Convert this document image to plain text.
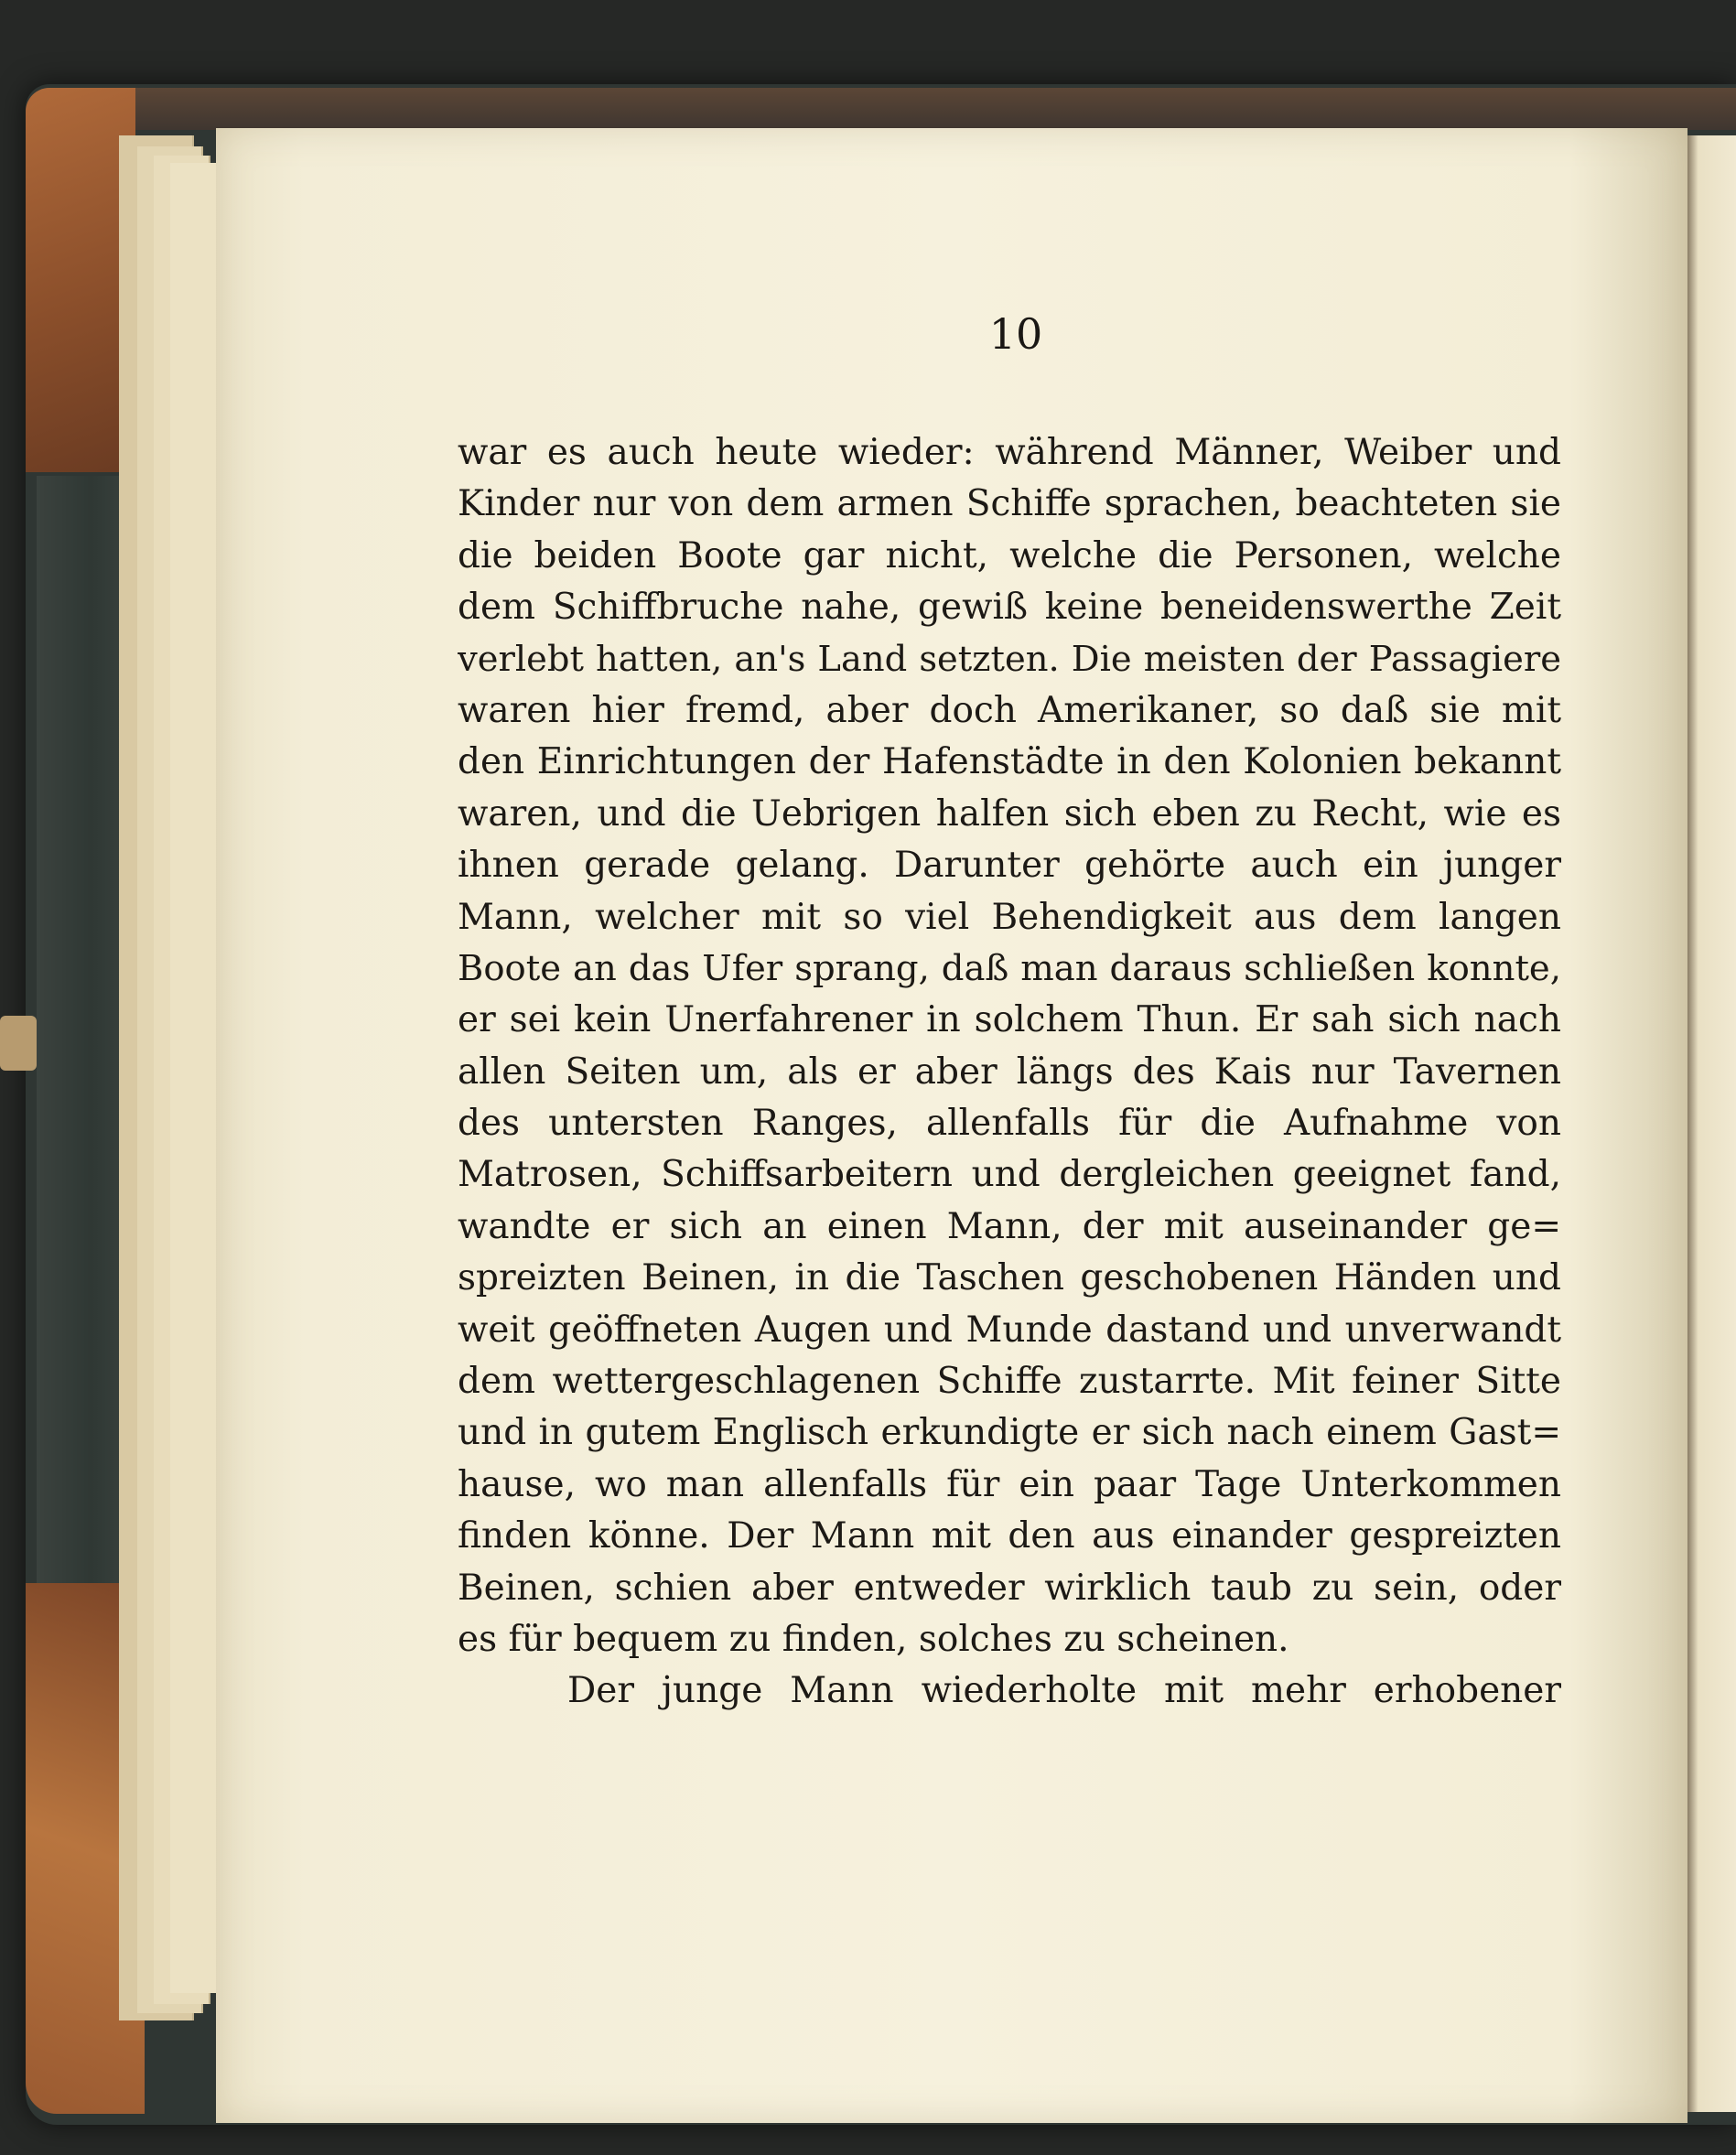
10
war es auch heute wieder: während Männer, Weiber und
Kinder nur von dem armen Schiffe sprachen, beachteten sie
die beiden Boote gar nicht, welche die Personen, welche
dem Schiffbruche nahe, gewiß keine beneidenswerthe Zeit
verlebt hatten, an's Land setzten. Die meisten der Passagiere
waren hier fremd, aber doch Amerikaner, so daß sie mit
den Einrichtungen der Hafenstädte in den Kolonien bekannt
waren, und die Uebrigen halfen sich eben zu Recht, wie es
ihnen gerade gelang. Darunter gehörte auch ein junger
Mann, welcher mit so viel Behendigkeit aus dem langen
Boote an das Ufer sprang, daß man daraus schließen konnte,
er sei kein Unerfahrener in solchem Thun. Er sah sich nach
allen Seiten um, als er aber längs des Kais nur Tavernen
des untersten Ranges, allenfalls für die Aufnahme von
Matrosen, Schiffsarbeitern und dergleichen geeignet fand,
wandte er sich an einen Mann, der mit auseinander ge=
spreizten Beinen, in die Taschen geschobenen Händen und
weit geöffneten Augen und Munde dastand und unverwandt
dem wettergeschlagenen Schiffe zustarrte. Mit feiner Sitte
und in gutem Englisch erkundigte er sich nach einem Gast=
hause, wo man allenfalls für ein paar Tage Unterkommen
finden könne. Der Mann mit den aus einander gespreizten
Beinen, schien aber entweder wirklich taub zu sein, oder
es für bequem zu finden, solches zu scheinen.
Der junge Mann wiederholte mit mehr erhobener
